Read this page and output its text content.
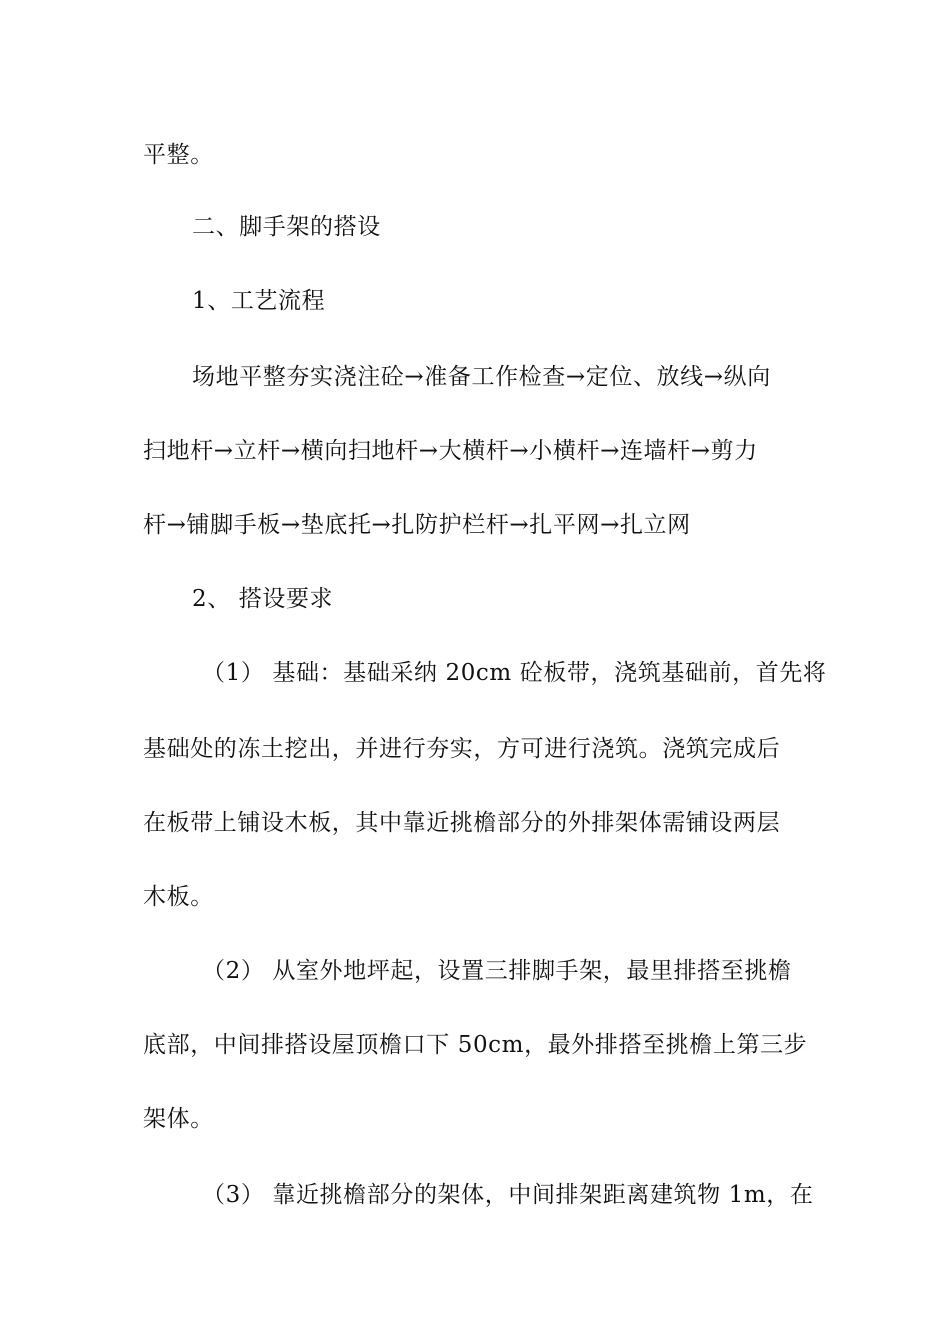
平整。
二、脚手架的搭设
1、工艺流程
场地平整夯实浇注砼→准备工作检查→定位、放线→纵向
扫地杆→立杆→横向扫地杆→大横杆→小横杆→连墙杆→剪力
杆→铺脚手板→垫底托→扎防护栏杆→扎平网→扎立网
2、 搭设要求
（1） 基础：基础采纳 20cm 砼板带，浇筑基础前，首先将
基础处的冻土挖出，并进行夯实，方可进行浇筑。浇筑完成后
在板带上铺设木板，其中靠近挑檐部分的外排架体需铺设两层
木板。
（2） 从室外地坪起，设置三排脚手架，最里排搭至挑檐
底部，中间排搭设屋顶檐口下 50cm，最外排搭至挑檐上第三步
架体。
（3） 靠近挑檐部分的架体，中间排架距离建筑物 1m，在
